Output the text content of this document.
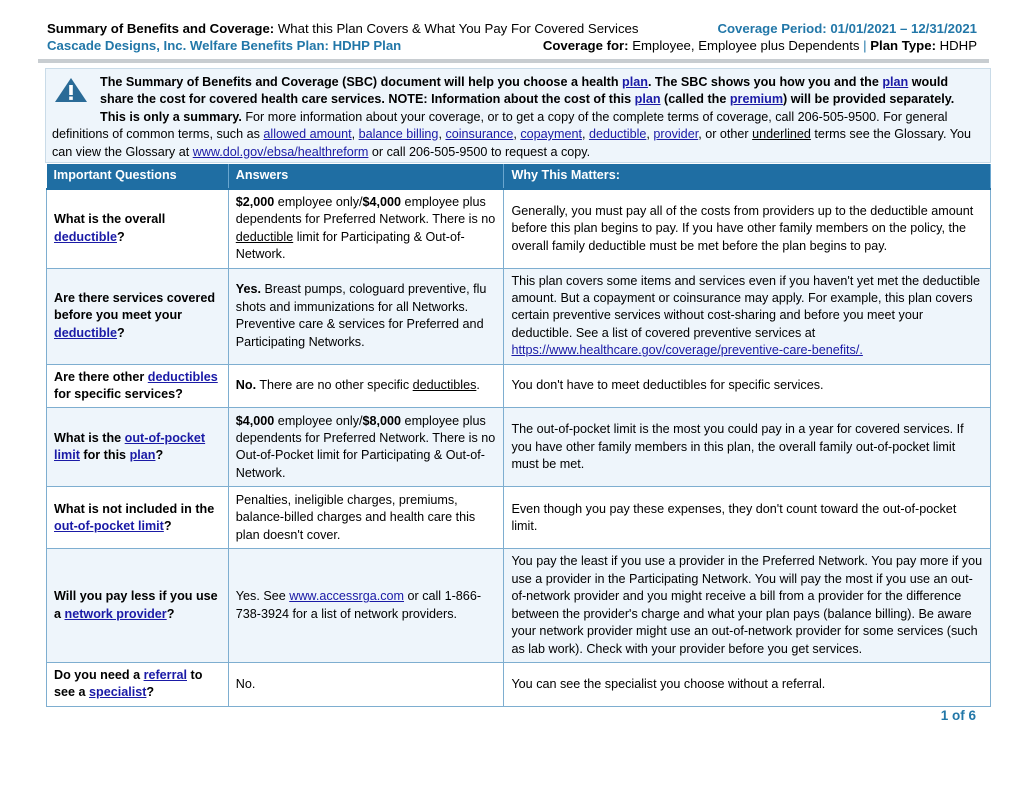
Summary of Benefits and Coverage: What this Plan Covers & What You Pay For Covered Services	Coverage Period: 01/01/2021 – 12/31/2021
Cascade Designs, Inc. Welfare Benefits Plan: HDHP Plan	Coverage for: Employee, Employee plus Dependents | Plan Type: HDHP
The Summary of Benefits and Coverage (SBC) document will help you choose a health plan. The SBC shows you how you and the plan would share the cost for covered health care services. NOTE: Information about the cost of this plan (called the premium) will be provided separately.
This is only a summary. For more information about your coverage, or to get a copy of the complete terms of coverage, call 206-505-9500. For general definitions of common terms, such as allowed amount, balance billing, coinsurance, copayment, deductible, provider, or other underlined terms see the Glossary. You can view the Glossary at www.dol.gov/ebsa/healthreform or call 206-505-9500 to request a copy.
Important Questions	Answers	Why This Matters:
What is the overall deductible?	$2,000 employee only/$4,000 employee plus dependents for Preferred Network. There is no deductible limit for Participating & Out-of-Network.	Generally, you must pay all of the costs from providers up to the deductible amount before this plan begins to pay. If you have other family members on the policy, the overall family deductible must be met before the plan begins to pay.
Are there services covered before you meet your deductible?	Yes. Breast pumps, cologuard preventive, flu shots and immunizations for all Networks. Preventive care & services for Preferred and Participating Networks.	This plan covers some items and services even if you haven't yet met the deductible amount. But a copayment or coinsurance may apply. For example, this plan covers certain preventive services without cost-sharing and before you meet your deductible. See a list of covered preventive services at
https://www.healthcare.gov/coverage/preventive-care-benefits/.
Are there other deductibles for specific services?	No. There are no other specific deductibles.	You don't have to meet deductibles for specific services.
What is the out-of-pocket limit for this plan?	$4,000 employee only/$8,000 employee plus dependents for Preferred Network. There is no Out-of-Pocket limit for Participating & Out-of-Network.	The out-of-pocket limit is the most you could pay in a year for covered services. If you have other family members in this plan, the overall family out-of-pocket limit must be met.
What is not included in the out-of-pocket limit?	Penalties, ineligible charges, premiums, balance-billed charges and health care this plan doesn't cover.	Even though you pay these expenses, they don't count toward the out-of-pocket limit.
Will you pay less if you use a network provider?	Yes. See www.accessrga.com or call 1-866-738-3924 for a list of network providers.	You pay the least if you use a provider in the Preferred Network. You pay more if you use a provider in the Participating Network. You will pay the most if you use an out-of-network provider and you might receive a bill from a provider for the difference between the provider's charge and what your plan pays (balance billing). Be aware your network provider might use an out-of-network provider for some services (such as lab work). Check with your provider before you get services.
Do you need a referral to see a specialist?	No.	You can see the specialist you choose without a referral.
1 of 6
